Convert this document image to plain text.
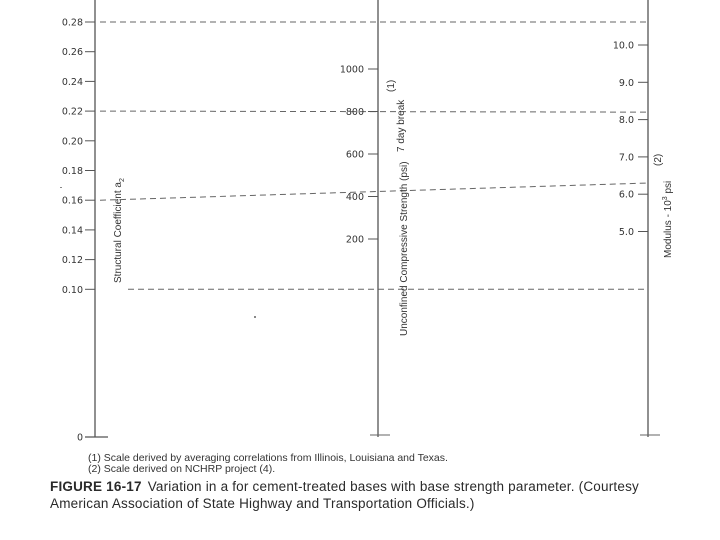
0
0.10
0.12
0.14
0.16
0.18
0.20
0.22
0.24
0.26
0.28
200
400
600
800
1000
5.0
6.0
7.0
8.0
9.0
10.0
Structural Coefficient $a_2$	Unconfined Compressive Strength (psi)
7 day break
(1)
Modulus - $10^3$ psi
(2)
(1) Scale derived by averaging correlations from Illinois, Louisiana and Texas.
(2) Scale derived on NCHRP project (4).
FIGURE 16-17 Variation in a for cement-treated bases with base strength parameter. (Courtesy American Association of State Highway and Transportation Officials.)
